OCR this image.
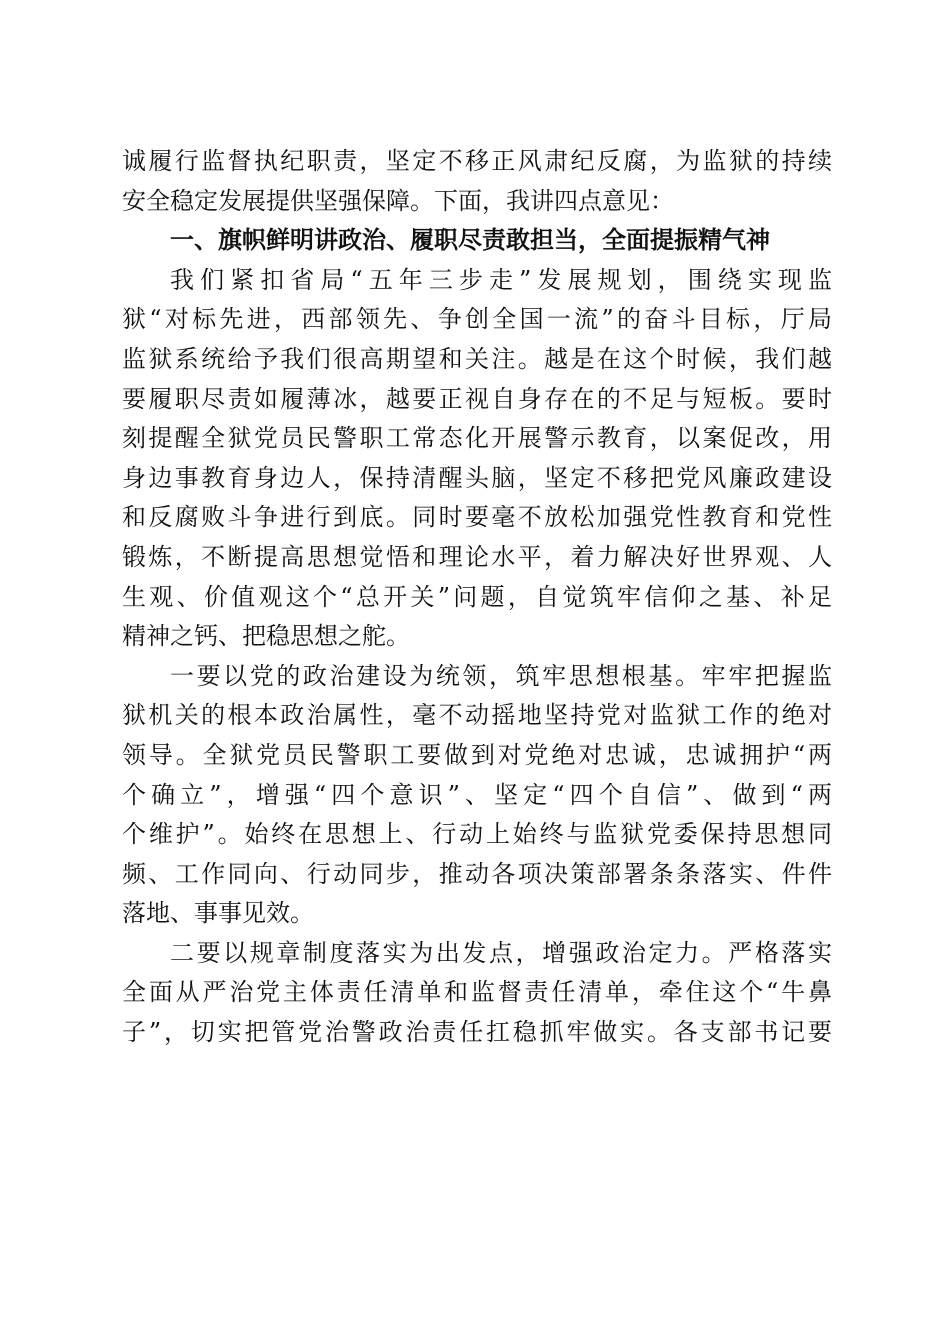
诚履行监督执纪职责，坚定不移正风肃纪反腐，为监狱的持续
安全稳定发展提供坚强保障。下面，我讲四点意见：
一、旗帜鲜明讲政治、履职尽责敢担当，全面提振精气神
我们紧扣省局“五年三步走”发展规划，围绕实现监
狱“对标先进，西部领先、争创全国一流”的奋斗目标，厅局
监狱系统给予我们很高期望和关注。越是在这个时候，我们越
要履职尽责如履薄冰，越要正视自身存在的不足与短板。要时
刻提醒全狱党员民警职工常态化开展警示教育，以案促改，用
身边事教育身边人，保持清醒头脑，坚定不移把党风廉政建设
和反腐败斗争进行到底。同时要毫不放松加强党性教育和党性
锻炼，不断提高思想觉悟和理论水平，着力解决好世界观、人
生观、价值观这个“总开关”问题，自觉筑牢信仰之基、补足
精神之钙、把稳思想之舵。
一要以党的政治建设为统领，筑牢思想根基。牢牢把握监
狱机关的根本政治属性，毫不动摇地坚持党对监狱工作的绝对
领导。全狱党员民警职工要做到对党绝对忠诚，忠诚拥护“两
个确立”，增强“四个意识”、坚定“四个自信”、做到“两
个维护”。始终在思想上、行动上始终与监狱党委保持思想同
频、工作同向、行动同步，推动各项决策部署条条落实、件件
落地、事事见效。
二要以规章制度落实为出发点，增强政治定力。严格落实
全面从严治党主体责任清单和监督责任清单，牵住这个“牛鼻
子”，切实把管党治警政治责任扛稳抓牢做实。各支部书记要
